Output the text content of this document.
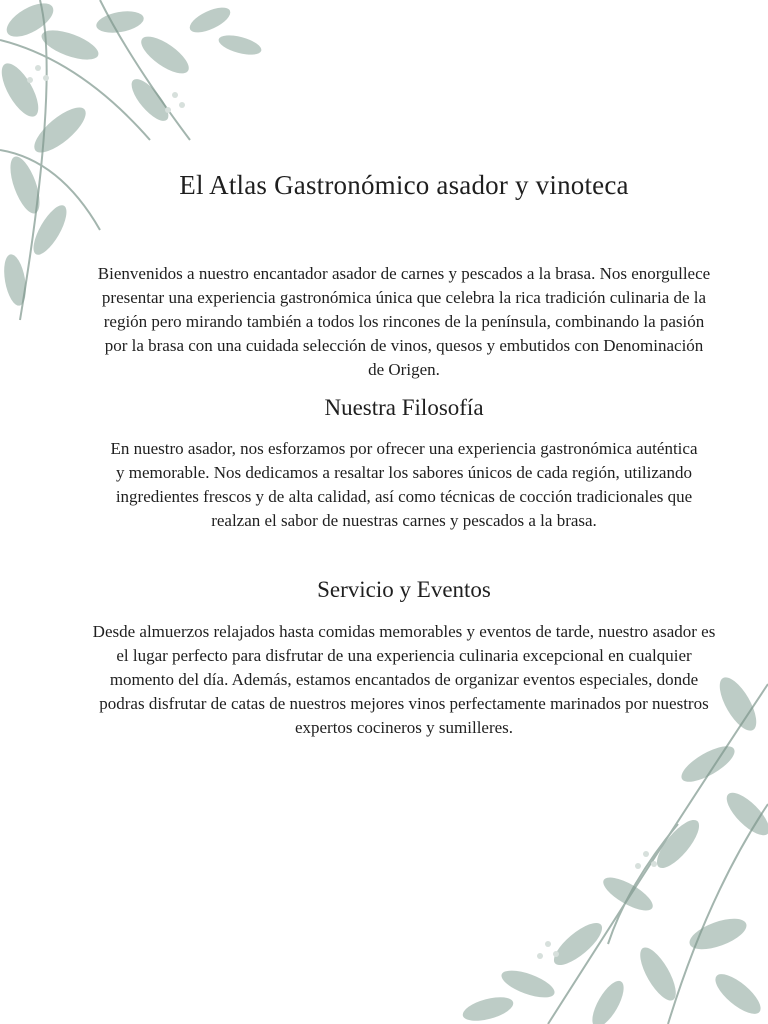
El Atlas Gastronómico asador y vinoteca

Bienvenidos a nuestro encantador asador de carnes y pescados a la brasa. Nos enorgullece presentar una experiencia gastronómica única que celebra la rica tradición culinaria de la región pero mirando también a todos los rincones de la península, combinando la pasión por la brasa con una cuidada selección de vinos, quesos y embutidos con Denominación de Origen.

Nuestra Filosofía

En nuestro asador, nos esforzamos por ofrecer una experiencia gastronómica auténtica y memorable. Nos dedicamos a resaltar los sabores únicos de cada región, utilizando ingredientes frescos y de alta calidad, así como técnicas de cocción tradicionales que realzan el sabor de nuestras carnes y pescados a la brasa.

Servicio y Eventos

Desde almuerzos relajados hasta comidas memorables y eventos de tarde, nuestro asador es el lugar perfecto para disfrutar de una experiencia culinaria excepcional en cualquier momento del día. Además, estamos encantados de organizar eventos especiales, donde podras disfrutar de catas de nuestros mejores vinos perfectamente marinados por nuestros expertos cocineros y sumilleres.
